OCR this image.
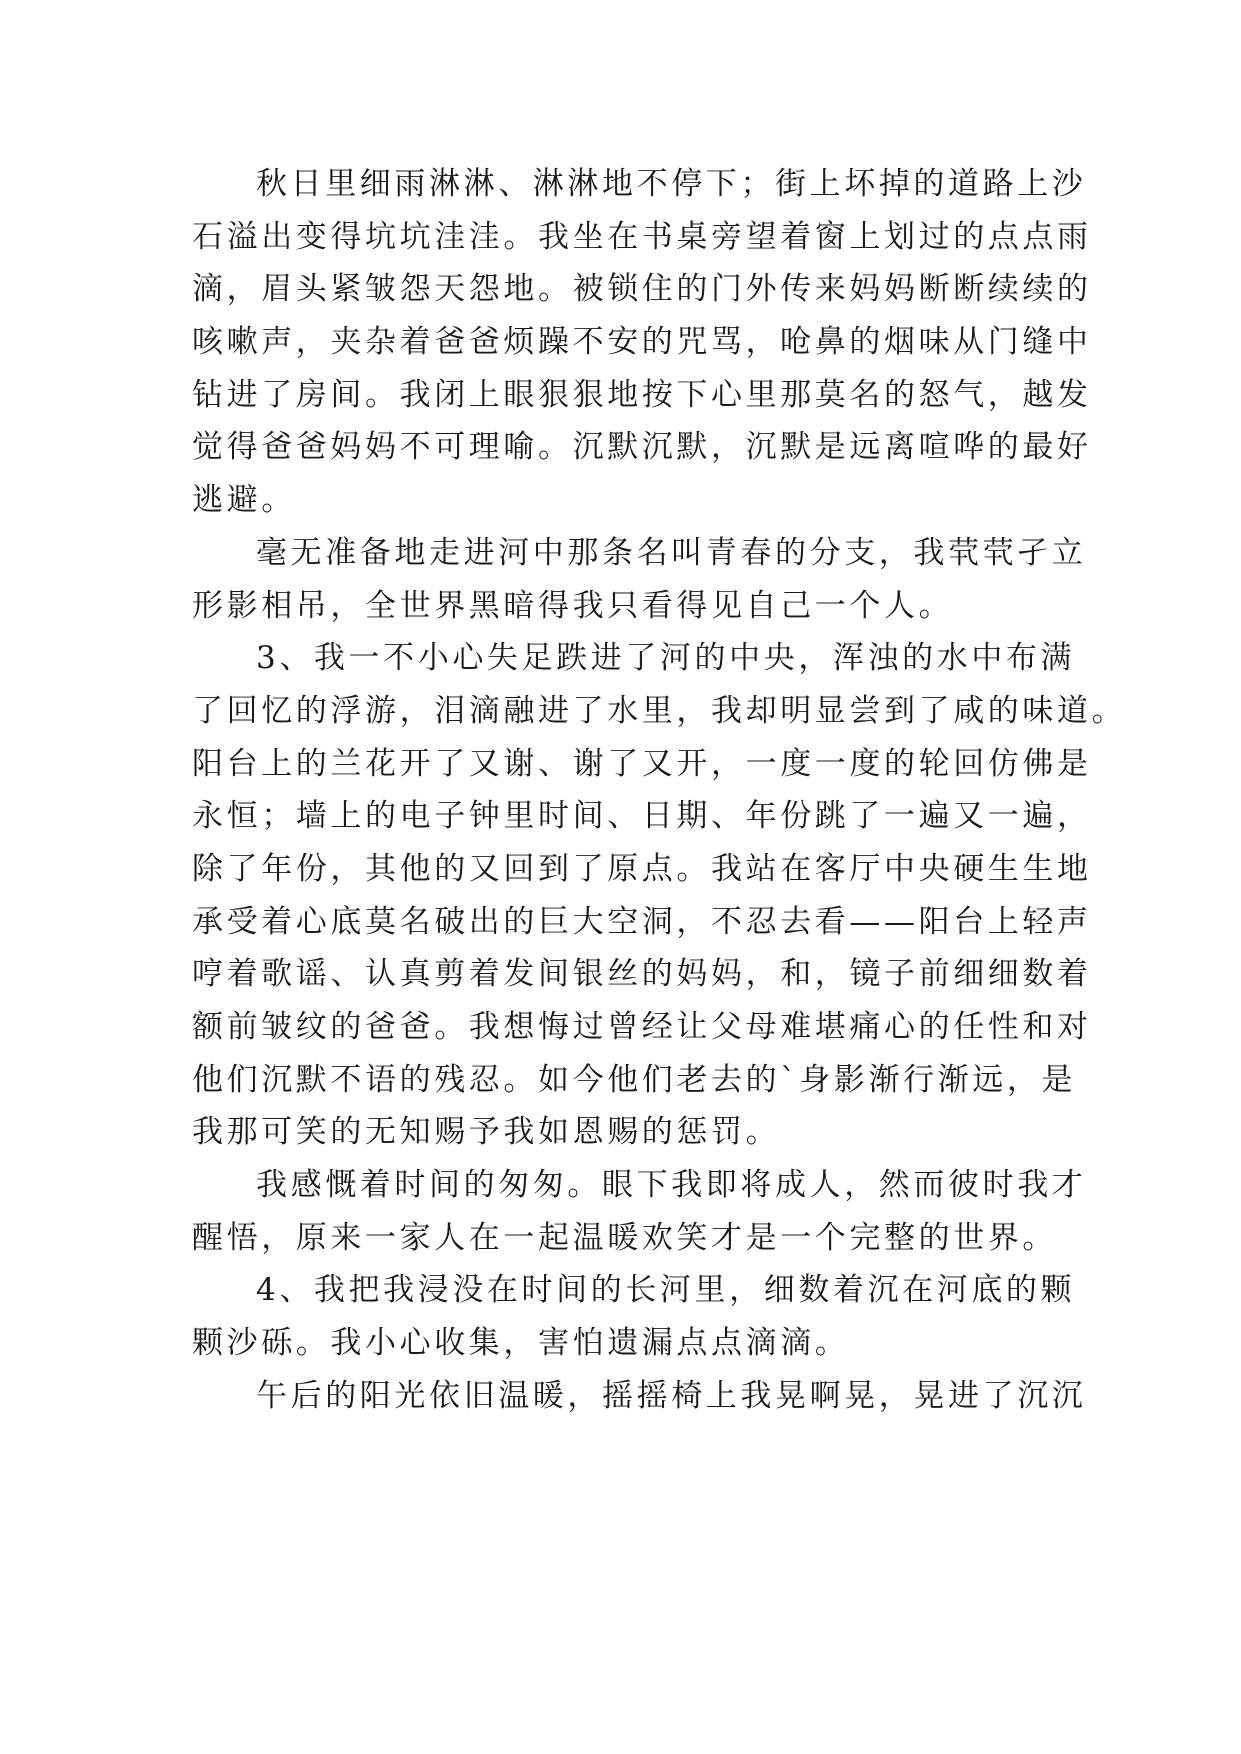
秋日里细雨淋淋、淋淋地不停下；街上坏掉的道路上沙
石溢出变得坑坑洼洼。我坐在书桌旁望着窗上划过的点点雨
滴，眉头紧皱怨天怨地。被锁住的门外传来妈妈断断续续的
咳嗽声，夹杂着爸爸烦躁不安的咒骂，呛鼻的烟味从门缝中
钻进了房间。我闭上眼狠狠地按下心里那莫名的怒气，越发
觉得爸爸妈妈不可理喻。沉默沉默，沉默是远离喧哗的最好
逃避。
毫无准备地走进河中那条名叫青春的分支，我茕茕孑立
形影相吊，全世界黑暗得我只看得见自己一个人。
3、我一不小心失足跌进了河的中央，浑浊的水中布满
了回忆的浮游，泪滴融进了水里，我却明显尝到了咸的味道。
阳台上的兰花开了又谢、谢了又开，一度一度的轮回仿佛是
永恒；墙上的电子钟里时间、日期、年份跳了一遍又一遍，
除了年份，其他的又回到了原点。我站在客厅中央硬生生地
承受着心底莫名破出的巨大空洞，不忍去看——阳台上轻声
哼着歌谣、认真剪着发间银丝的妈妈，和，镜子前细细数着
额前皱纹的爸爸。我想悔过曾经让父母难堪痛心的任性和对
他们沉默不语的残忍。如今他们老去的`身影渐行渐远，是
我那可笑的无知赐予我如恩赐的惩罚。
我感慨着时间的匆匆。眼下我即将成人，然而彼时我才
醒悟，原来一家人在一起温暖欢笑才是一个完整的世界。
4、我把我浸没在时间的长河里，细数着沉在河底的颗
颗沙砾。我小心收集，害怕遗漏点点滴滴。
午后的阳光依旧温暖，摇摇椅上我晃啊晃，晃进了沉沉
